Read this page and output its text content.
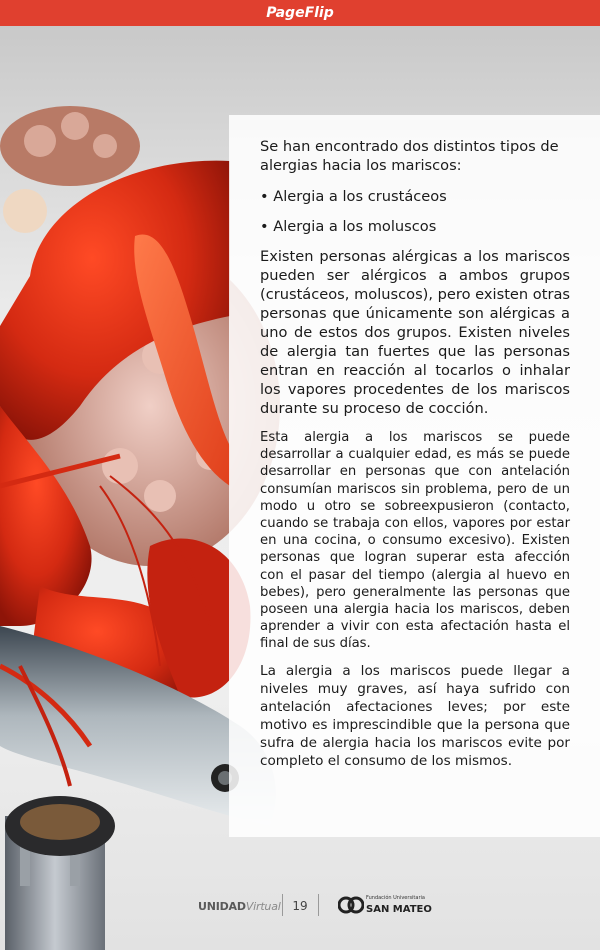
PageFlip

Se han encontrado dos distintos tipos de alergias hacia los mariscos:

• Alergia a los crustáceos

• Alergia a los moluscos

Existen personas alérgicas a los mariscos pueden ser alérgicos a ambos grupos (crustáceos, moluscos), pero existen otras personas que únicamente son alérgicas a uno de estos dos grupos. Existen niveles de alergia tan fuertes que las personas entran en reacción al tocarlos o inhalar los vapores procedentes de los mariscos durante su proceso de cocción.

Esta alergia a los mariscos se puede desarrollar a cualquier edad, es más se puede desarrollar en personas que con antelación consumían mariscos sin problema, pero de un modo u otro se sobreexpusieron (contacto, cuando se trabaja con ellos, vapores por estar en una cocina, o consumo excesivo). Existen personas que logran superar esta afección con el pasar del tiempo (alergia al huevo en bebes), pero generalmente las personas que poseen una alergia hacia los mariscos, deben aprender a vivir con esta afectación hasta el final de sus días.

La alergia a los mariscos puede llegar a niveles muy graves, así haya sufrido con antelación afectaciones leves; por este motivo es imprescindible que la persona que sufra de alergia hacia los mariscos evite por completo el consumo de los mismos.

UNIDADVirtual 19
Fundación Universitaria
SAN MATEO
